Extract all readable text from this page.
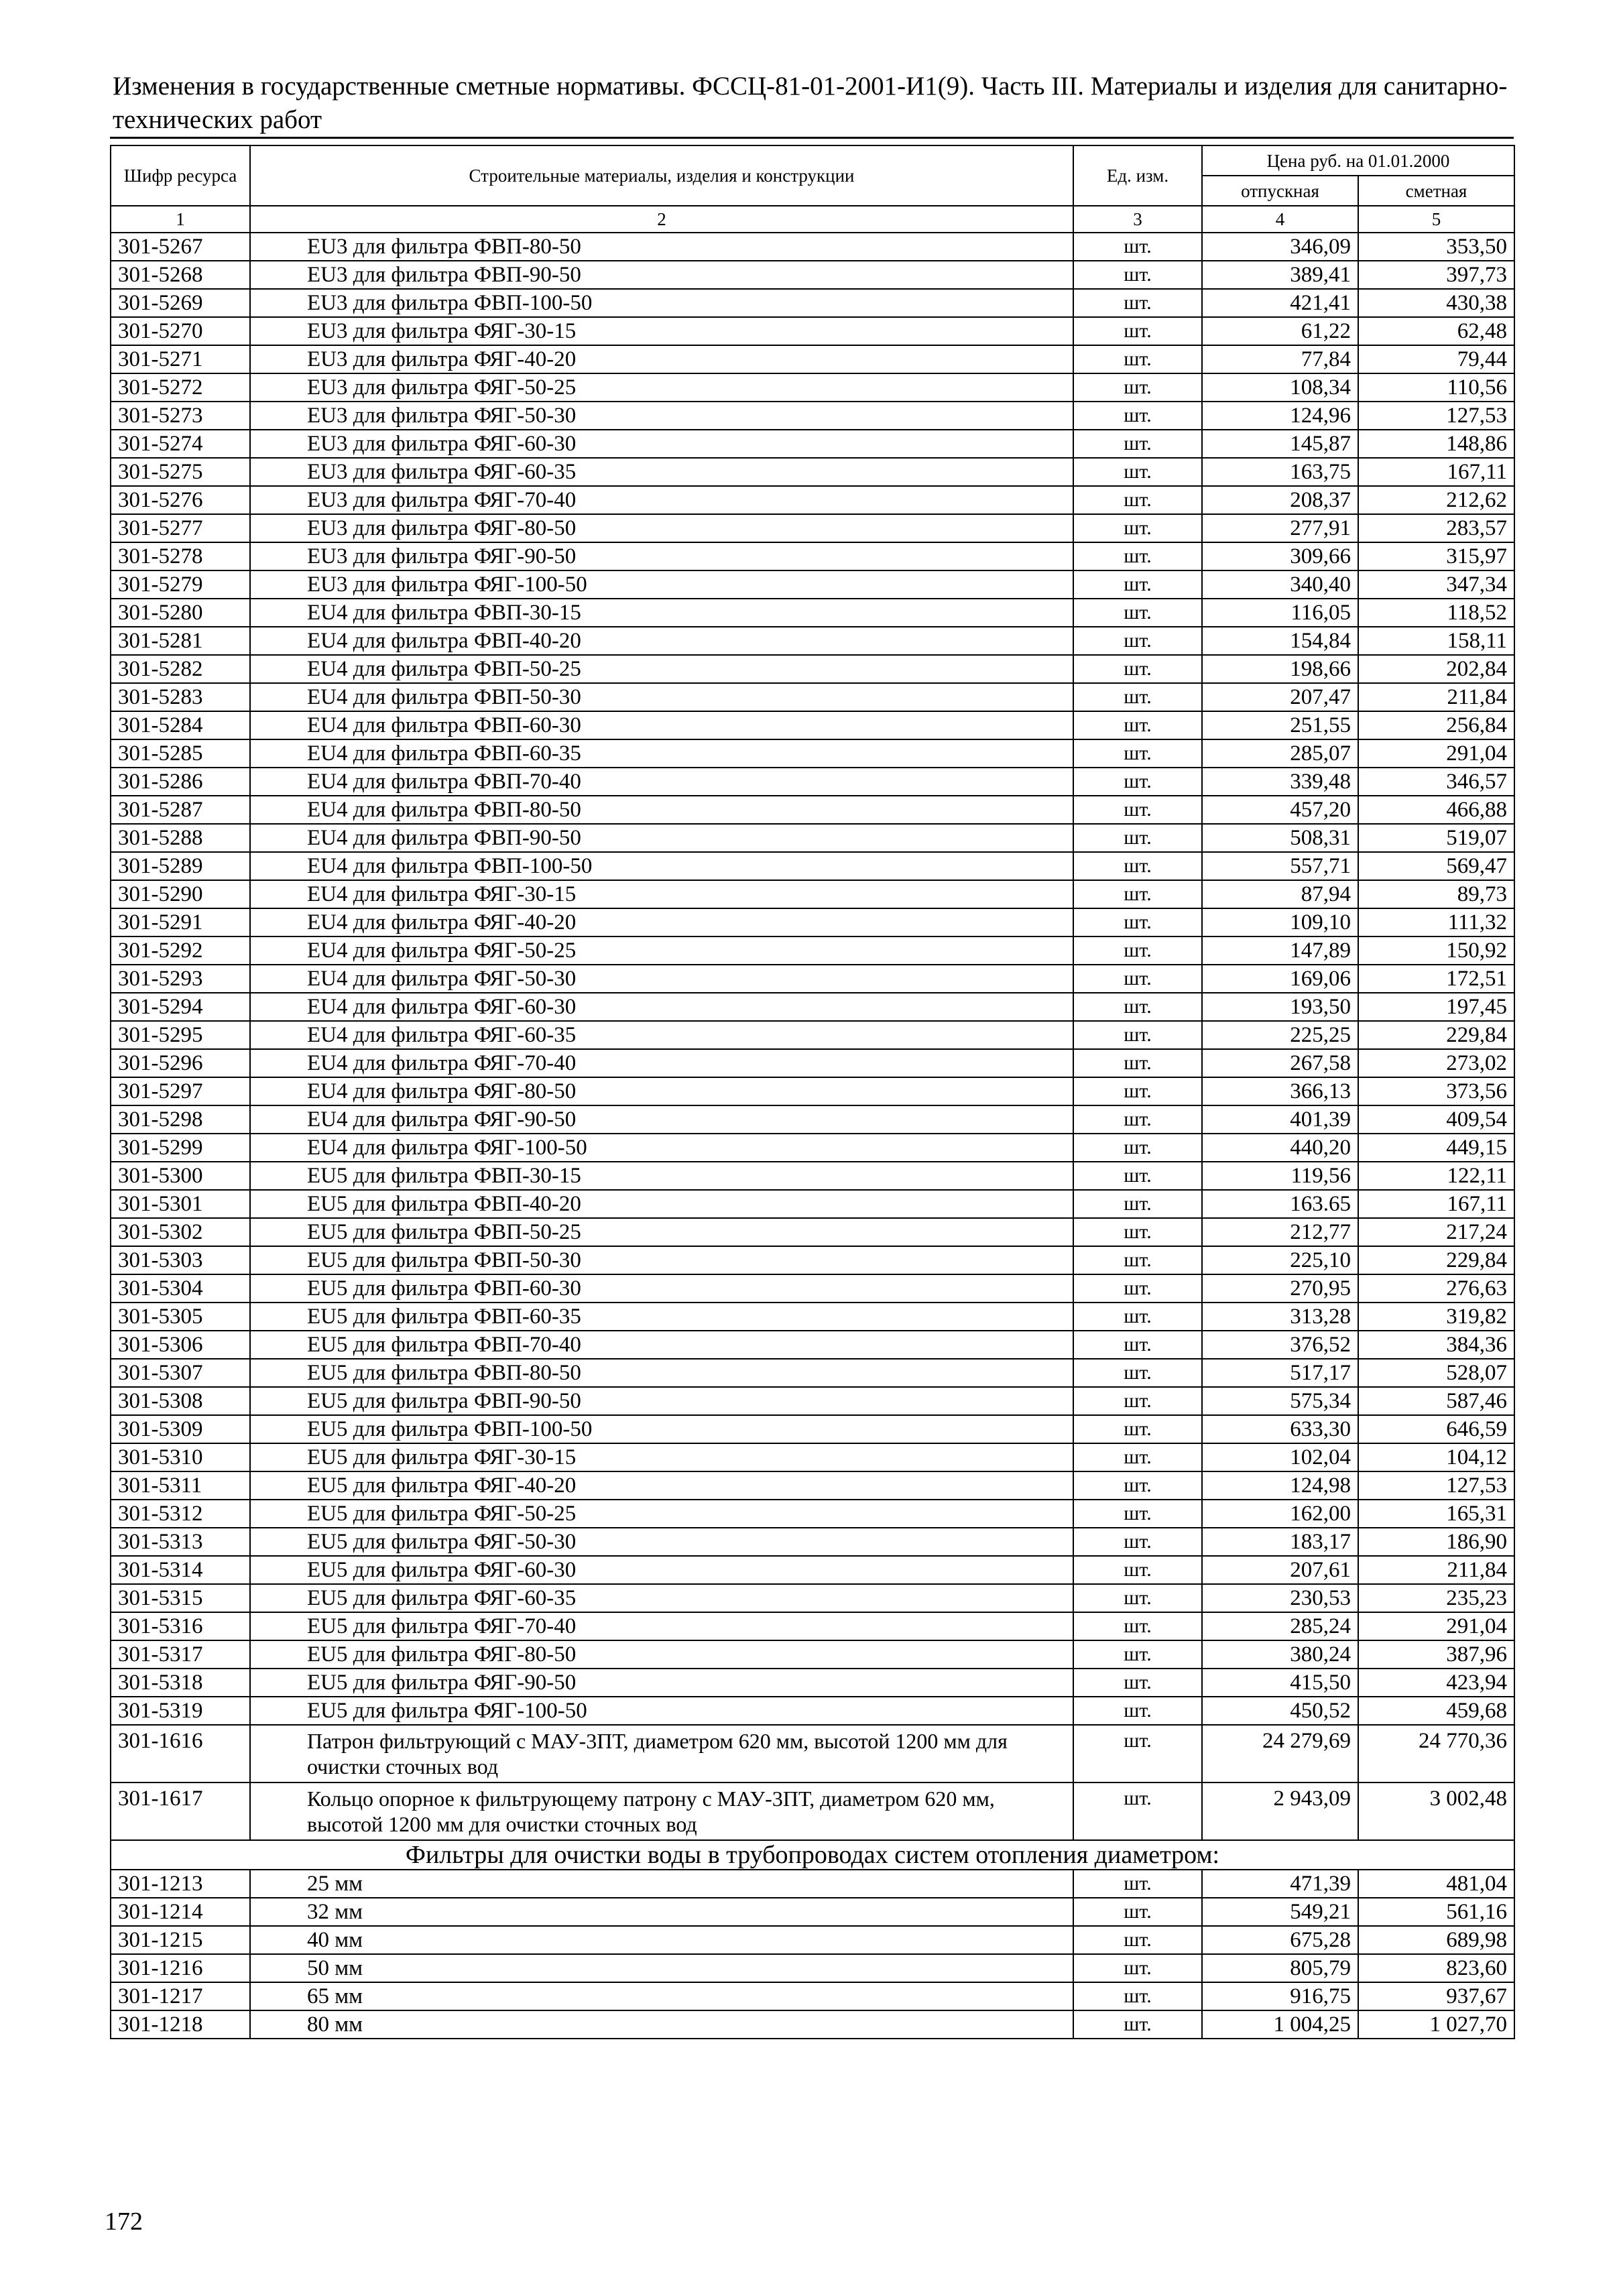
Изменения в государственные сметные нормативы. ФССЦ-81-01-2001-И1(9). Часть III. Материалы и изделия для санитарно-технических работ
Шифр ресурса	Строительные материалы, изделия и конструкции	Ед. изм.	Цена руб. на 01.01.2000	
			отпускная	сметная
1	2	3	4	5
301-5267	EU3 для фильтра ФВП-80-50	шт.	346,09	353,50
301-5268	EU3 для фильтра ФВП-90-50	шт.	389,41	397,73
301-5269	EU3 для фильтра ФВП-100-50	шт.	421,41	430,38
301-5270	EU3 для фильтра ФЯГ-30-15	шт.	61,22	62,48
301-5271	EU3 для фильтра ФЯГ-40-20	шт.	77,84	79,44
301-5272	EU3 для фильтра ФЯГ-50-25	шт.	108,34	110,56
301-5273	EU3 для фильтра ФЯГ-50-30	шт.	124,96	127,53
301-5274	EU3 для фильтра ФЯГ-60-30	шт.	145,87	148,86
301-5275	EU3 для фильтра ФЯГ-60-35	шт.	163,75	167,11
301-5276	EU3 для фильтра ФЯГ-70-40	шт.	208,37	212,62
301-5277	EU3 для фильтра ФЯГ-80-50	шт.	277,91	283,57
301-5278	EU3 для фильтра ФЯГ-90-50	шт.	309,66	315,97
301-5279	EU3 для фильтра ФЯГ-100-50	шт.	340,40	347,34
301-5280	EU4 для фильтра ФВП-30-15	шт.	116,05	118,52
301-5281	EU4 для фильтра ФВП-40-20	шт.	154,84	158,11
301-5282	EU4 для фильтра ФВП-50-25	шт.	198,66	202,84
301-5283	EU4 для фильтра ФВП-50-30	шт.	207,47	211,84
301-5284	EU4 для фильтра ФВП-60-30	шт.	251,55	256,84
301-5285	EU4 для фильтра ФВП-60-35	шт.	285,07	291,04
301-5286	EU4 для фильтра ФВП-70-40	шт.	339,48	346,57
301-5287	EU4 для фильтра ФВП-80-50	шт.	457,20	466,88
301-5288	EU4 для фильтра ФВП-90-50	шт.	508,31	519,07
301-5289	EU4 для фильтра ФВП-100-50	шт.	557,71	569,47
301-5290	EU4 для фильтра ФЯГ-30-15	шт.	87,94	89,73
301-5291	EU4 для фильтра ФЯГ-40-20	шт.	109,10	111,32
301-5292	EU4 для фильтра ФЯГ-50-25	шт.	147,89	150,92
301-5293	EU4 для фильтра ФЯГ-50-30	шт.	169,06	172,51
301-5294	EU4 для фильтра ФЯГ-60-30	шт.	193,50	197,45
301-5295	EU4 для фильтра ФЯГ-60-35	шт.	225,25	229,84
301-5296	EU4 для фильтра ФЯГ-70-40	шт.	267,58	273,02
301-5297	EU4 для фильтра ФЯГ-80-50	шт.	366,13	373,56
301-5298	EU4 для фильтра ФЯГ-90-50	шт.	401,39	409,54
301-5299	EU4 для фильтра ФЯГ-100-50	шт.	440,20	449,15
301-5300	EU5 для фильтра ФВП-30-15	шт.	119,56	122,11
301-5301	EU5 для фильтра ФВП-40-20	шт.	163.65	167,11
301-5302	EU5 для фильтра ФВП-50-25	шт.	212,77	217,24
301-5303	EU5 для фильтра ФВП-50-30	шт.	225,10	229,84
301-5304	EU5 для фильтра ФВП-60-30	шт.	270,95	276,63
301-5305	EU5 для фильтра ФВП-60-35	шт.	313,28	319,82
301-5306	EU5 для фильтра ФВП-70-40	шт.	376,52	384,36
301-5307	EU5 для фильтра ФВП-80-50	шт.	517,17	528,07
301-5308	EU5 для фильтра ФВП-90-50	шт.	575,34	587,46
301-5309	EU5 для фильтра ФВП-100-50	шт.	633,30	646,59
301-5310	EU5 для фильтра ФЯГ-30-15	шт.	102,04	104,12
301-5311	EU5 для фильтра ФЯГ-40-20	шт.	124,98	127,53
301-5312	EU5 для фильтра ФЯГ-50-25	шт.	162,00	165,31
301-5313	EU5 для фильтра ФЯГ-50-30	шт.	183,17	186,90
301-5314	EU5 для фильтра ФЯГ-60-30	шт.	207,61	211,84
301-5315	EU5 для фильтра ФЯГ-60-35	шт.	230,53	235,23
301-5316	EU5 для фильтра ФЯГ-70-40	шт.	285,24	291,04
301-5317	EU5 для фильтра ФЯГ-80-50	шт.	380,24	387,96
301-5318	EU5 для фильтра ФЯГ-90-50	шт.	415,50	423,94
301-5319	EU5 для фильтра ФЯГ-100-50	шт.	450,52	459,68
301-1616	Патрон фильтрующий с МАУ-3ПТ, диаметром 620 мм, высотой 1200 мм для очистки сточных вод	шт.	24 279,69	24 770,36
301-1617	Кольцо опорное к фильтрующему патрону с МАУ-3ПТ, диаметром 620 мм, высотой 1200 мм для очистки сточных вод	шт.	2 943,09	3 002,48
Фильтры для очистки воды в трубопроводах систем отопления диаметром:				
301-1213	25 мм	шт.	471,39	481,04
301-1214	32 мм	шт.	549,21	561,16
301-1215	40 мм	шт.	675,28	689,98
301-1216	50 мм	шт.	805,79	823,60
301-1217	65 мм	шт.	916,75	937,67
301-1218	80 мм	шт.	1 004,25	1 027,70
172
